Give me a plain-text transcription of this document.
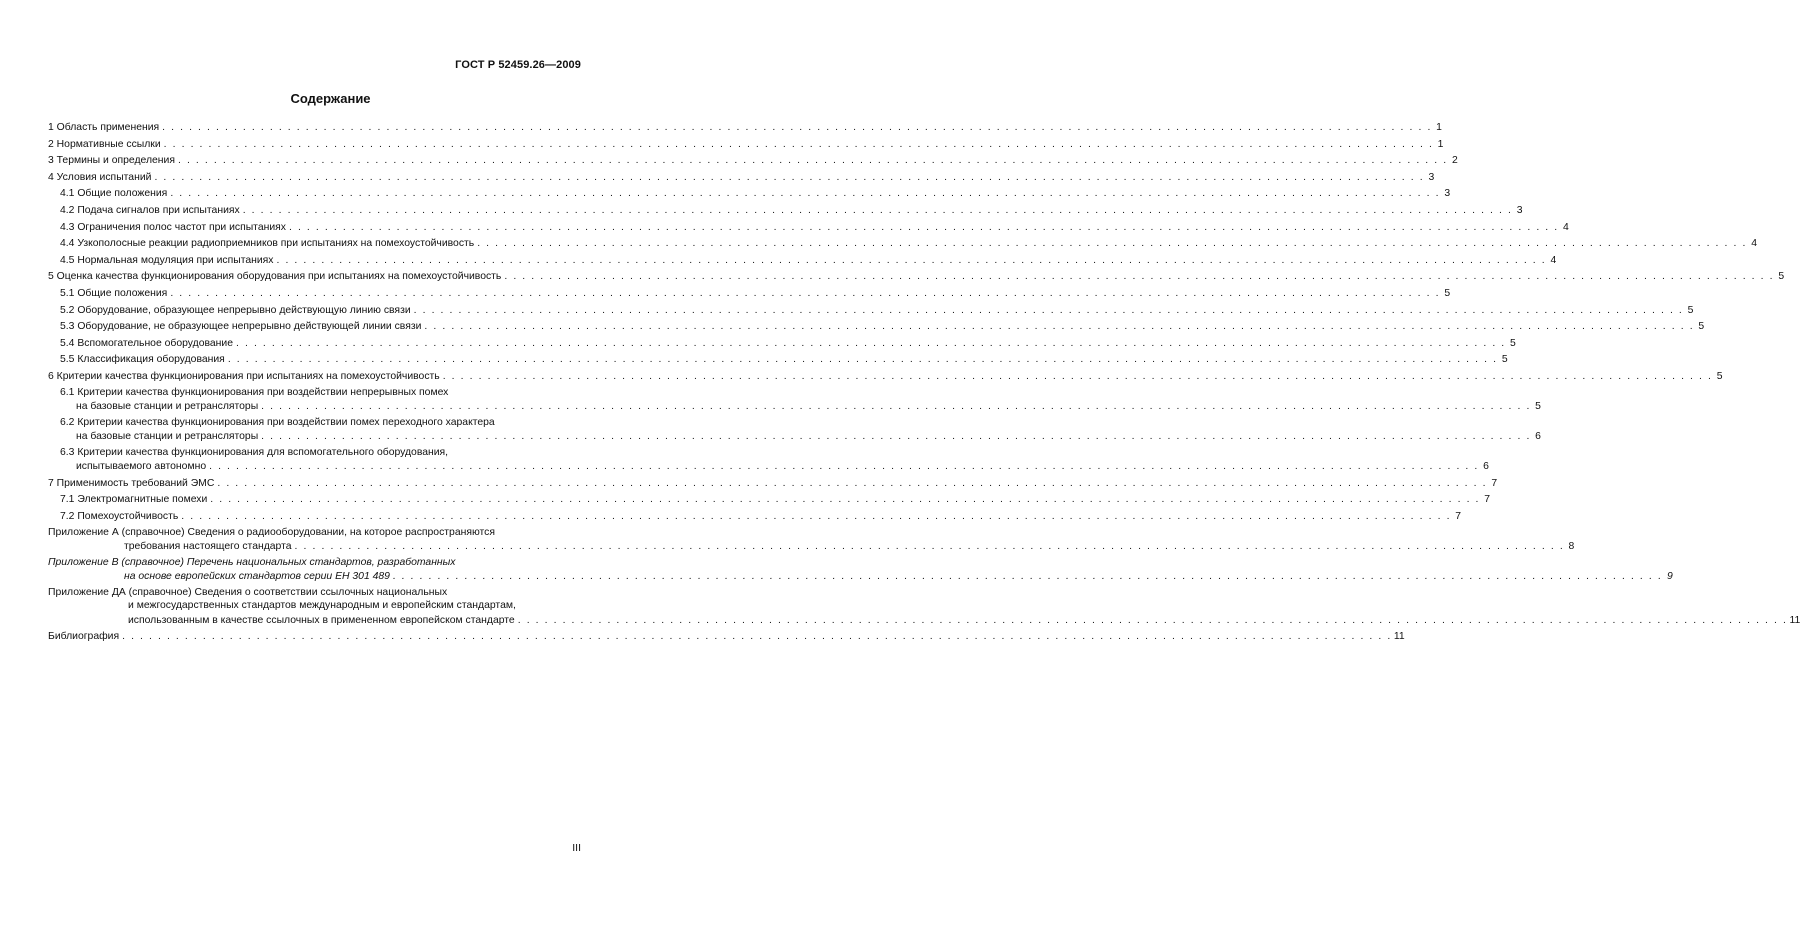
ГОСТ Р 52459.26—2009
Содержание
1 Область применения . . .	1
2 Нормативные ссылки . . .	1
3 Термины и определения . . .	2
4 Условия испытаний . . .	3
4.1 Общие положения . . .	3
4.2 Подача сигналов при испытаниях . . .	3
4.3 Ограничения полос частот при испытаниях . . .	4
4.4 Узкополосные реакции радиоприемников при испытаниях на помехоустойчивость . . .	4
4.5 Нормальная модуляция при испытаниях . . .	4
5 Оценка качества функционирования оборудования при испытаниях на помехоустойчивость . . .	5
5.1 Общие положения . . .	5
5.2 Оборудование, образующее непрерывно действующую линию связи . . .	5
5.3 Оборудование, не образующее непрерывно действующей линии связи . . .	5
5.4 Вспомогательное оборудование . . .	5
5.5 Классификация оборудования . . .	5
6 Критерии качества функционирования при испытаниях на помехоустойчивость . . .	5
6.1 Критерии качества функционирования при воздействии непрерывных помех
на базовые станции и ретрансляторы . . .	5
6.2 Критерии качества функционирования при воздействии помех переходного характера
на базовые станции и ретрансляторы . . .	6
6.3 Критерии качества функционирования для вспомогательного оборудования,
испытываемого автономно . . .	6
7 Применимость требований ЭМС . . .	7
7.1 Электромагнитные помехи . . .	7
7.2 Помехоустойчивость . . .	7
Приложение А (справочное) Сведения о радиооборудовании, на которое распространяются
требования настоящего стандарта . . .	8
Приложение В (справочное) Перечень национальных стандартов, разработанных
на основе европейских стандартов серии ЕН 301 489 . . .	9
Приложение ДА (справочное) Сведения о соответствии ссылочных национальных
и межгосударственных стандартов международным и европейским стандартам,
использованным в качестве ссылочных в примененном европейском стандарте . . .	11
Библиография . . .	11
III
